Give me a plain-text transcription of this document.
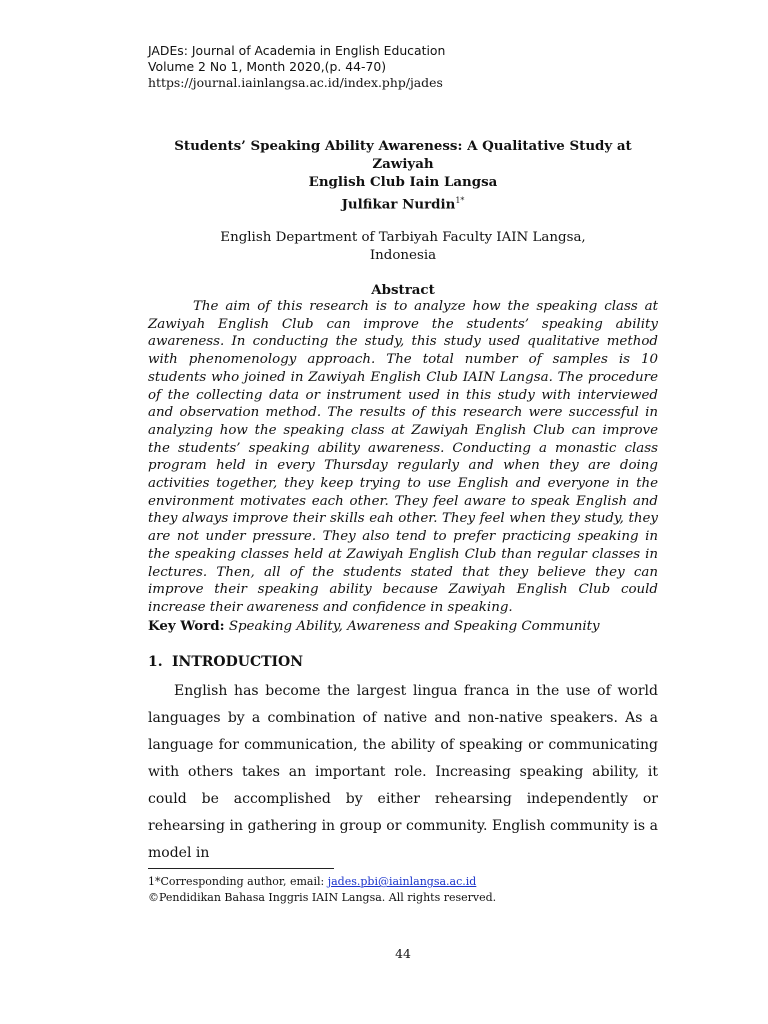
JADEs: Journal of Academia in English Education
Volume 2 No 1, Month 2020,(p. 44-70)
https://journal.iainlangsa.ac.id/index.php/jades
Students’ Speaking Ability Awareness: A Qualitative Study at Zawiyah
English Club Iain Langsa
Julfikar Nurdin$^{1*}$
English Department of Tarbiyah Faculty IAIN Langsa,
Indonesia
Abstract

The aim of this research is to analyze how the speaking class at Zawiyah English Club can improve the students’ speaking ability awareness. In conducting the study, this study used qualitative method with phenomenology approach. The total number of samples is 10 students who joined in Zawiyah English Club IAIN Langsa. The procedure of the collecting data or instrument used in this study with interviewed and observation method. The results of this research were successful in analyzing how the speaking class at Zawiyah English Club can improve the students’ speaking ability awareness. Conducting a monastic class program held in every Thursday regularly and when they are doing activities together, they keep trying to use English and everyone in the environment motivates each other. They feel aware to speak English and they always improve their skills eah other. They feel when they study, they are not under pressure. They also tend to prefer practicing speaking in the speaking classes held at Zawiyah English Club than regular classes in lectures. Then, all of the students stated that they believe they can improve their speaking ability because Zawiyah English Club could increase their awareness and confidence in speaking.

Key Word: Speaking Ability, Awareness and Speaking Community
1. INTRODUCTION

English has become the largest lingua franca in the use of world languages by a combination of native and non-native speakers. As a language for communication, the ability of speaking or communicating with others takes an important role. Increasing speaking ability, it could be accomplished by either rehearsing independently or rehearsing in gathering in group or community. English community is a model in

1*Corresponding author, email: jades.pbi@iainlangsa.ac.id
©Pendidikan Bahasa Inggris IAIN Langsa. All rights reserved.
44
